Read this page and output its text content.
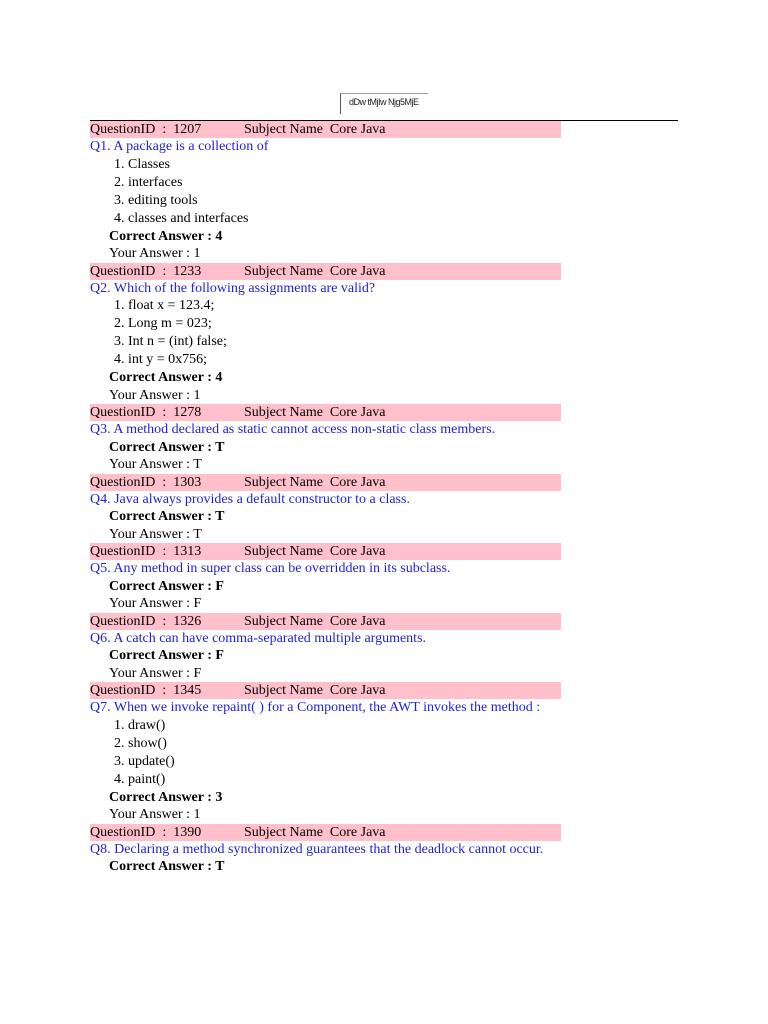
dDw tMjIw Njg5MjE
QuestionID  :  1207	Subject Name  Core Java
Q1. A package is a collection of
1. Classes
2. interfaces
3. editing tools
4. classes and interfaces
Correct Answer : 4
Your Answer : 1
QuestionID  :  1233	Subject Name  Core Java
Q2. Which of the following assignments are valid?
1. float x = 123.4;
2. Long m = 023;
3. Int n = (int) false;
4. int y = 0x756;
Correct Answer : 4
Your Answer : 1
QuestionID  :  1278	Subject Name  Core Java
Q3. A method declared as static cannot access non-static class members.
Correct Answer : T
Your Answer : T
QuestionID  :  1303	Subject Name  Core Java
Q4. Java always provides a default constructor to a class.
Correct Answer : T
Your Answer : T
QuestionID  :  1313	Subject Name  Core Java
Q5. Any method in super class can be overridden in its subclass.
Correct Answer : F
Your Answer : F
QuestionID  :  1326	Subject Name  Core Java
Q6. A catch can have comma-separated multiple arguments.
Correct Answer : F
Your Answer : F
QuestionID  :  1345	Subject Name  Core Java
Q7. When we invoke repaint( ) for a Component, the AWT invokes the method :
1. draw()
2. show()
3. update()
4. paint()
Correct Answer : 3
Your Answer : 1
QuestionID  :  1390	Subject Name  Core Java
Q8. Declaring a method synchronized guarantees that the deadlock cannot occur.
Correct Answer : T
